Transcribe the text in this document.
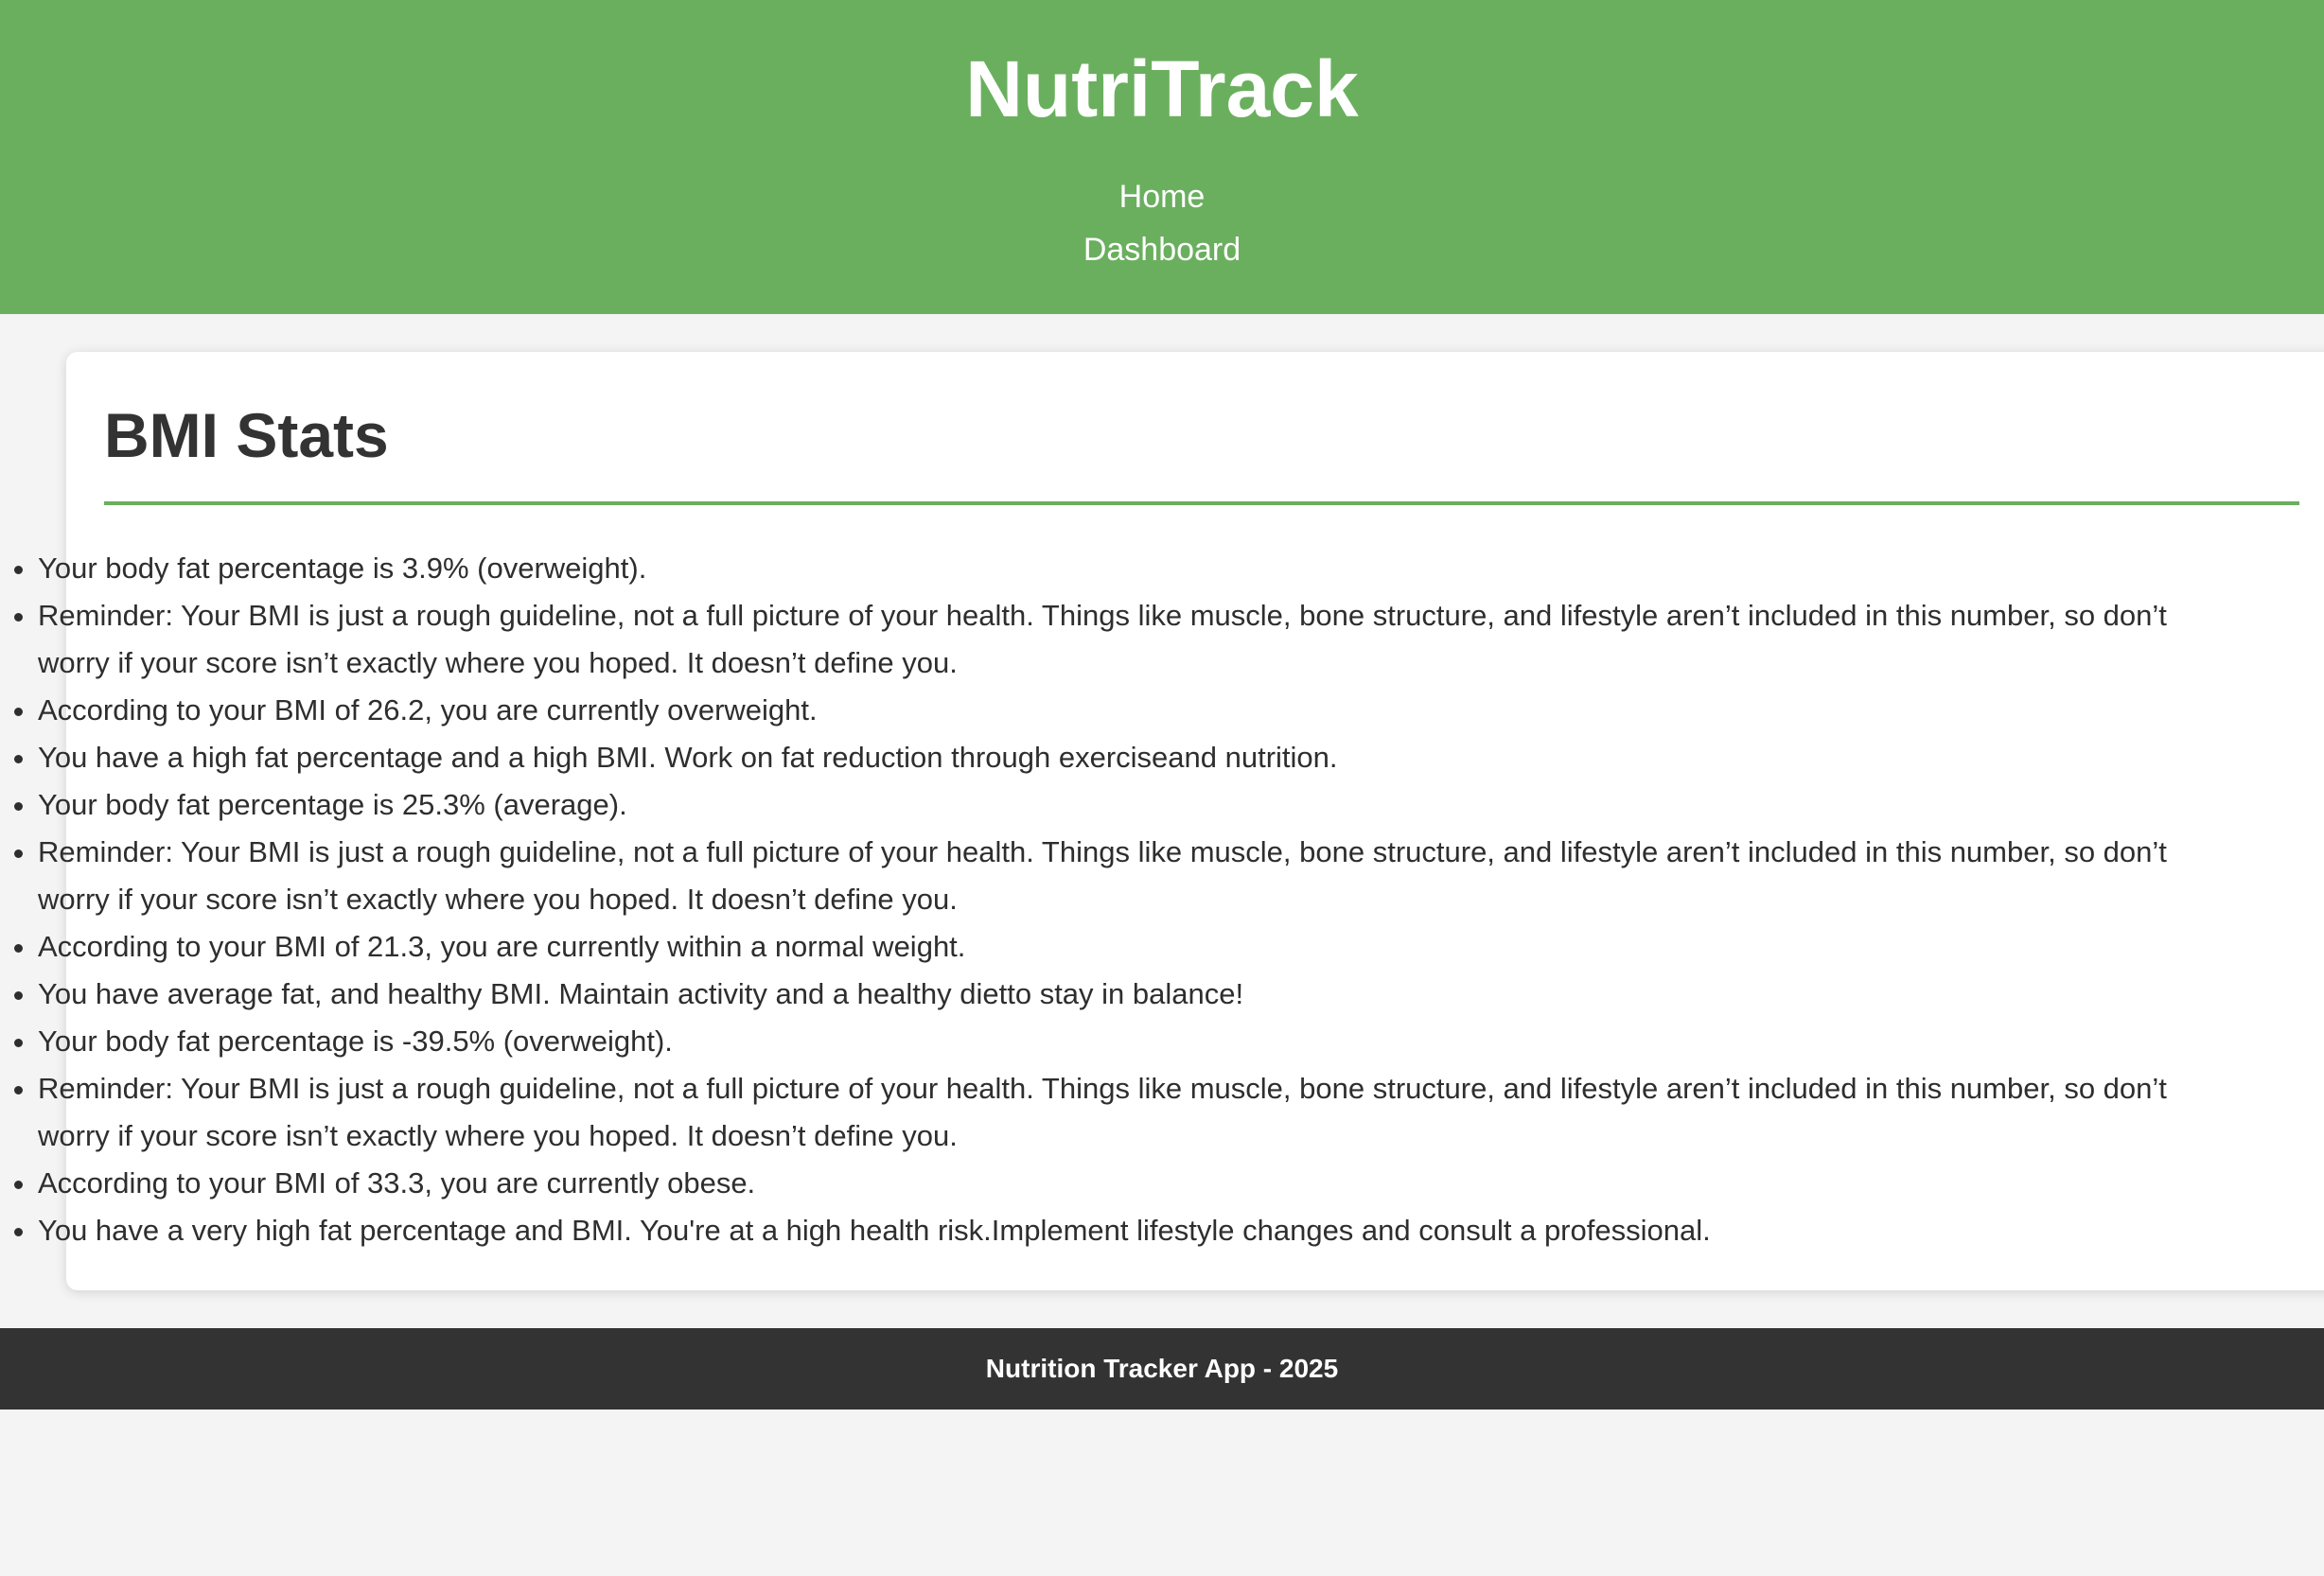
NutriTrack
Home
Dashboard
BMI Stats
• Your body fat percentage is 3.9% (overweight).
• Reminder: Your BMI is just a rough guideline, not a full picture of your health. Things like muscle, bone structure, and lifestyle aren’t included in this number, so don’t worry if your score isn’t exactly where you hoped. It doesn’t define you.
• According to your BMI of 26.2, you are currently overweight.
• You have a high fat percentage and a high BMI. Work on fat reduction through exerciseand nutrition.
• Your body fat percentage is 25.3% (average).
• Reminder: Your BMI is just a rough guideline, not a full picture of your health. Things like muscle, bone structure, and lifestyle aren’t included in this number, so don’t worry if your score isn’t exactly where you hoped. It doesn’t define you.
• According to your BMI of 21.3, you are currently within a normal weight.
• You have average fat, and healthy BMI. Maintain activity and a healthy dietto stay in balance!
• Your body fat percentage is -39.5% (overweight).
• Reminder: Your BMI is just a rough guideline, not a full picture of your health. Things like muscle, bone structure, and lifestyle aren’t included in this number, so don’t worry if your score isn’t exactly where you hoped. It doesn’t define you.
• According to your BMI of 33.3, you are currently obese.
• You have a very high fat percentage and BMI. You're at a high health risk.Implement lifestyle changes and consult a professional.
Nutrition Tracker App - 2025
